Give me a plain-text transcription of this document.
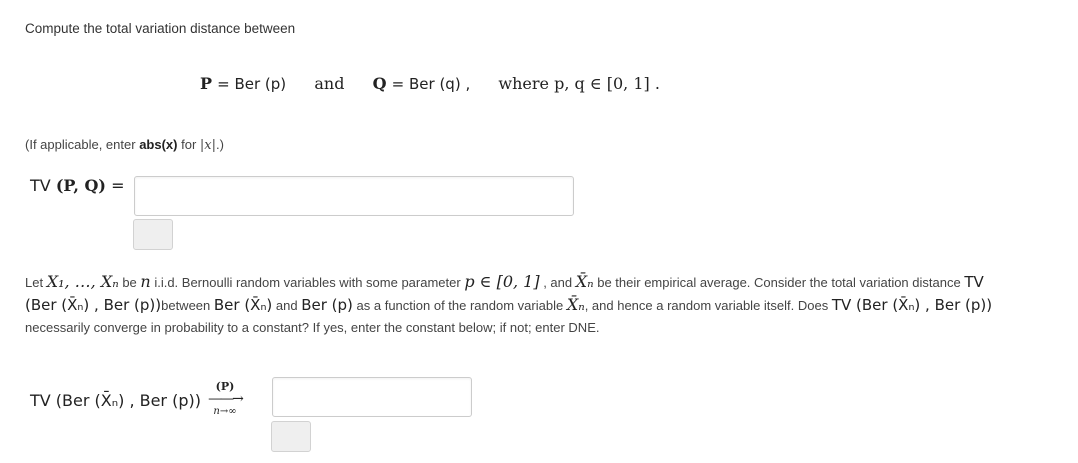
Compute the total variation distance between
P = Ber (p) and Q = Ber (q) , where p, q ∈ [0, 1] .
(If applicable, enter abs(x) for |x|.)
TV (P, Q) =
Let X₁, …, Xₙ be n i.i.d. Bernoulli random variables with some parameter p ∈ [0, 1] , and X̄ₙ be their empirical average. Consider the total variation distance TV (Ber (X̄ₙ) , Ber (p))between Ber (X̄ₙ) and Ber (p) as a function of the random variable X̄ₙ, and hence a random variable itself. Does TV (Ber (X̄ₙ) , Ber (p)) necessarily converge in probability to a constant? If yes, enter the constant below; if not; enter DNE.
TV (Ber (X̄ₙ) , Ber (p))
(P)
——→
n→∞
